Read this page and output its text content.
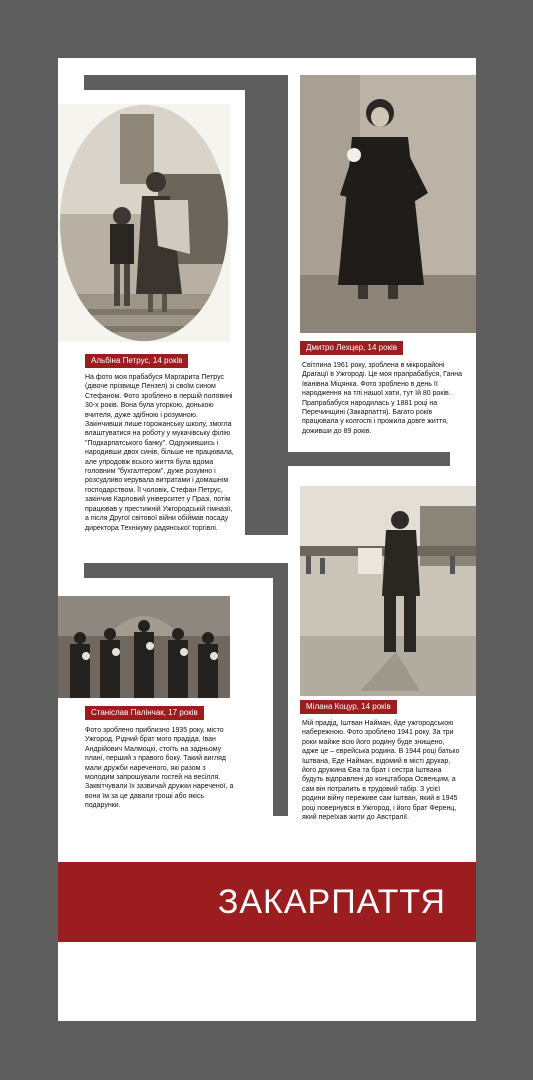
Альбіна Петрус, 14 років

На фото моя прабабуся Маргарита Петрус (дівоче прізвище Пензел) зі своїм сином Стефаном. Фото зроблено в першій половині 30-х років. Вона була угоркою, донькою вчителя, дуже здібною і розумною. Закінчивши лише горожанську школу, змогла влаштуватися на роботу у мукачівську філію "Подкарпатського банку". Одружившись і народивши двох синів, більше не працювала, але упродовж всього життя була вдома головним "бухгалтером", дуже розумно і розсудливо керувала витратами і домашнім господарством. Її чоловік, Стефан Петрус, закінчив Карловий університет у Празі, потім працював у престижній Ужгородській гімназії, а після Другої світової війни обіймав посаду директора Технікуму радянської торгівлі.

Дмитро Лехцер, 14 років

Світлина 1961 року, зроблена в мікрорайоні Драгації в Ужгороді. Це моя прапрабабуся, Ганна Іванівна Міцянка. Фото зроблено в день її народження на тлі нашої хати, тут їй 80 років. Прапрабабуся народилась у 1881 році на Перечинщині (Закарпаття). Багато років працювала у колгоспі і прожила довге життя, доживши до 89 років.

Станіслав Палінчак, 17 років

Фото зроблено приблизно 1935 року, місто Ужгород. Рідний брат мого прадіда, Іван Андрійович Малмоцкі, стоїть на задньому плані, перший з правого боку. Такий вигляд мали дружби нареченого, які разом з молодим запрошували гостей на весілля. Заквітчували їх зазвичай дружки нареченої, а вони їм за це давали гроші або якісь подарунки.

Мілана Коцур, 14 років

Мій прадід, Іштван Найман, йде ужгородською набережною. Фото зроблено 1941 року. За три роки майже всю його родину буде знищено, адже це – єврейська родина. В 1944 році батько Іштвана, Еде Найман, відомий в місті друкар, його дружина Єва та брат і сестра Іштвана будуть відправлені до концтабора Освенцим, а сам він потрапить в трудовий табір. З усієї родини війну переживе сам Іштван, який в 1945 році повернувся в Ужгород, і його брат Ференц, який переїхав жити до Австралії.

ЗАКАРПАТТЯ
